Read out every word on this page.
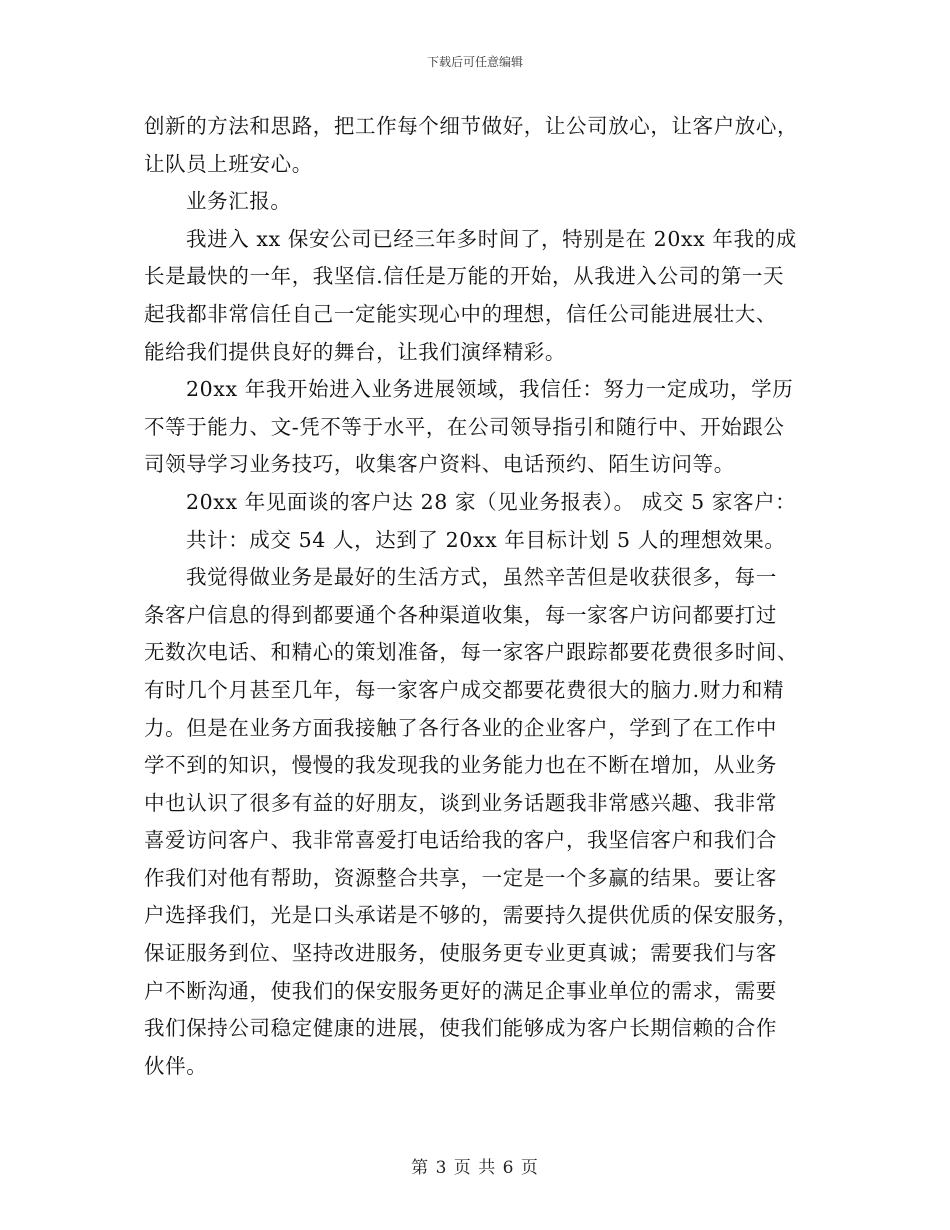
下载后可任意编辑
创新的方法和思路，把工作每个细节做好，让公司放心，让客户放心，
让队员上班安心。
业务汇报。
我进入 xx 保安公司已经三年多时间了，特别是在 20xx 年我的成
长是最快的一年，我坚信.信任是万能的开始，从我进入公司的第一天
起我都非常信任自己一定能实现心中的理想，信任公司能进展壮大、
能给我们提供良好的舞台，让我们演绎精彩。
20xx 年我开始进入业务进展领域，我信任：努力一定成功，学历
不等于能力、文-凭不等于水平，在公司领导指引和随行中、开始跟公
司领导学习业务技巧，收集客户资料、电话预约、陌生访问等。
20xx 年见面谈的客户达 28 家（见业务报表）。 成交 5 家客户：
共计：成交 54 人，达到了 20xx 年目标计划 5 人的理想效果。
我觉得做业务是最好的生活方式，虽然辛苦但是收获很多，每一
条客户信息的得到都要通个各种渠道收集，每一家客户访问都要打过
无数次电话、和精心的策划准备，每一家客户跟踪都要花费很多时间、
有时几个月甚至几年，每一家客户成交都要花费很大的脑力.财力和精
力。但是在业务方面我接触了各行各业的企业客户，学到了在工作中
学不到的知识，慢慢的我发现我的业务能力也在不断在增加，从业务
中也认识了很多有益的好朋友，谈到业务话题我非常感兴趣、我非常
喜爱访问客户、我非常喜爱打电话给我的客户，我坚信客户和我们合
作我们对他有帮助，资源整合共享，一定是一个多赢的结果。要让客
户选择我们，光是口头承诺是不够的，需要持久提供优质的保安服务，
保证服务到位、坚持改进服务，使服务更专业更真诚；需要我们与客
户不断沟通，使我们的保安服务更好的满足企事业单位的需求，需要
我们保持公司稳定健康的进展，使我们能够成为客户长期信赖的合作
伙伴。
第 3 页 共 6 页
